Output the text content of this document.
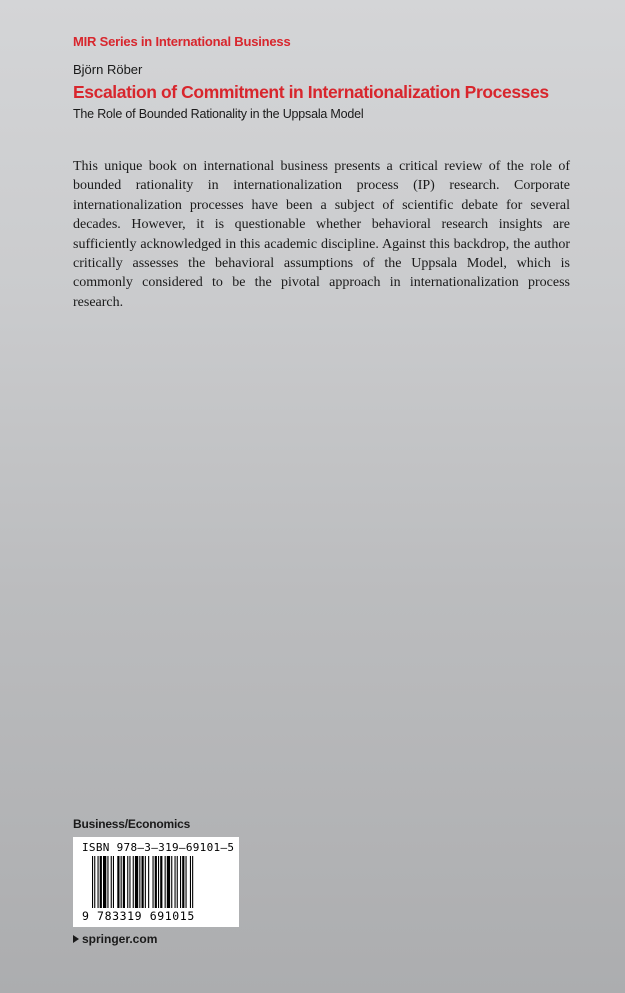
MIR Series in International Business
Björn Röber
Escalation of Commitment in Internationalization Processes
The Role of Bounded Rationality in the Uppsala Model

This unique book on international business presents a critical review of the role of bounded rationality in internationalization process (IP) research. Corporate internationalization processes have been a subject of scientific debate for several decades. However, it is questionable whether behavioral research insights are sufficiently acknowledged in this academic discipline. Against this backdrop, the author critically assesses the behavioral assumptions of the Uppsala Model, which is commonly considered to be the pivotal approach in internationalization process research.

Business/Economics
ISBN 978–3–319–69101–5
9 783319 691015
springer.com
